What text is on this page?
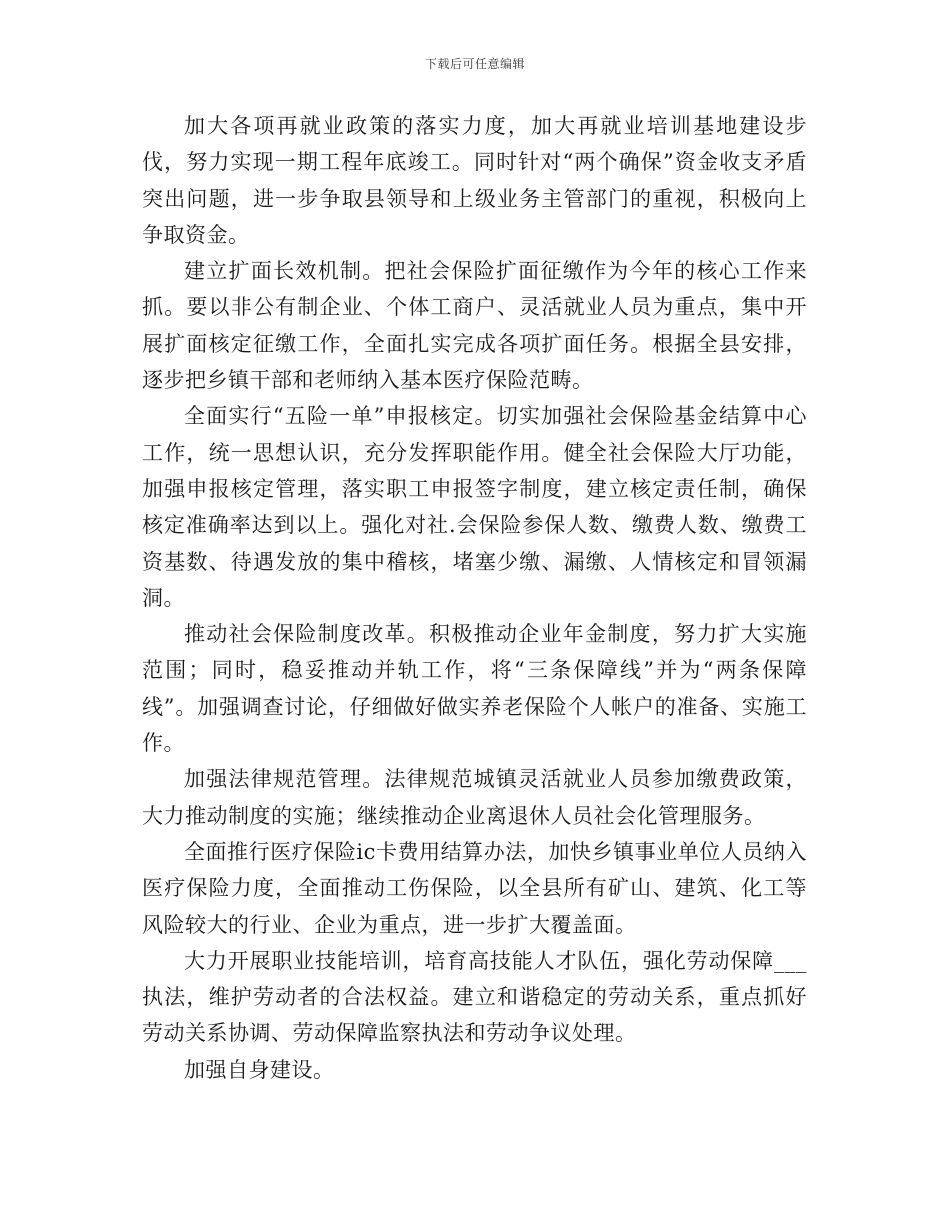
下载后可任意编辑

加大各项再就业政策的落实力度，加大再就业培训基地建设步伐，努力实现一期工程年底竣工。同时针对“两个确保”资金收支矛盾突出问题，进一步争取县领导和上级业务主管部门的重视，积极向上争取资金。

建立扩面长效机制。把社会保险扩面征缴作为今年的核心工作来抓。要以非公有制企业、个体工商户、灵活就业人员为重点，集中开展扩面核定征缴工作，全面扎实完成各项扩面任务。根据全县安排，逐步把乡镇干部和老师纳入基本医疗保险范畴。

全面实行“五险一单”申报核定。切实加强社会保险基金结算中心工作，统一思想认识，充分发挥职能作用。健全社会保险大厅功能，加强申报核定管理，落实职工申报签字制度，建立核定责任制，确保核定准确率达到以上。强化对社.会保险参保人数、缴费人数、缴费工资基数、待遇发放的集中稽核，堵塞少缴、漏缴、人情核定和冒领漏洞。

推动社会保险制度改革。积极推动企业年金制度，努力扩大实施范围；同时，稳妥推动并轨工作，将“三条保障线”并为“两条保障线”。加强调查讨论，仔细做好做实养老保险个人帐户的准备、实施工作。

加强法律规范管理。法律规范城镇灵活就业人员参加缴费政策，大力推动制度的实施；继续推动企业离退休人员社会化管理服务。

全面推行医疗保险ic卡费用结算办法，加快乡镇事业单位人员纳入医疗保险力度，全面推动工伤保险，以全县所有矿山、建筑、化工等风险较大的行业、企业为重点，进一步扩大覆盖面。

大力开展职业技能培训，培育高技能人才队伍，强化劳动保障___执法，维护劳动者的合法权益。建立和谐稳定的劳动关系，重点抓好劳动关系协调、劳动保障监察执法和劳动争议处理。

加强自身建设。
